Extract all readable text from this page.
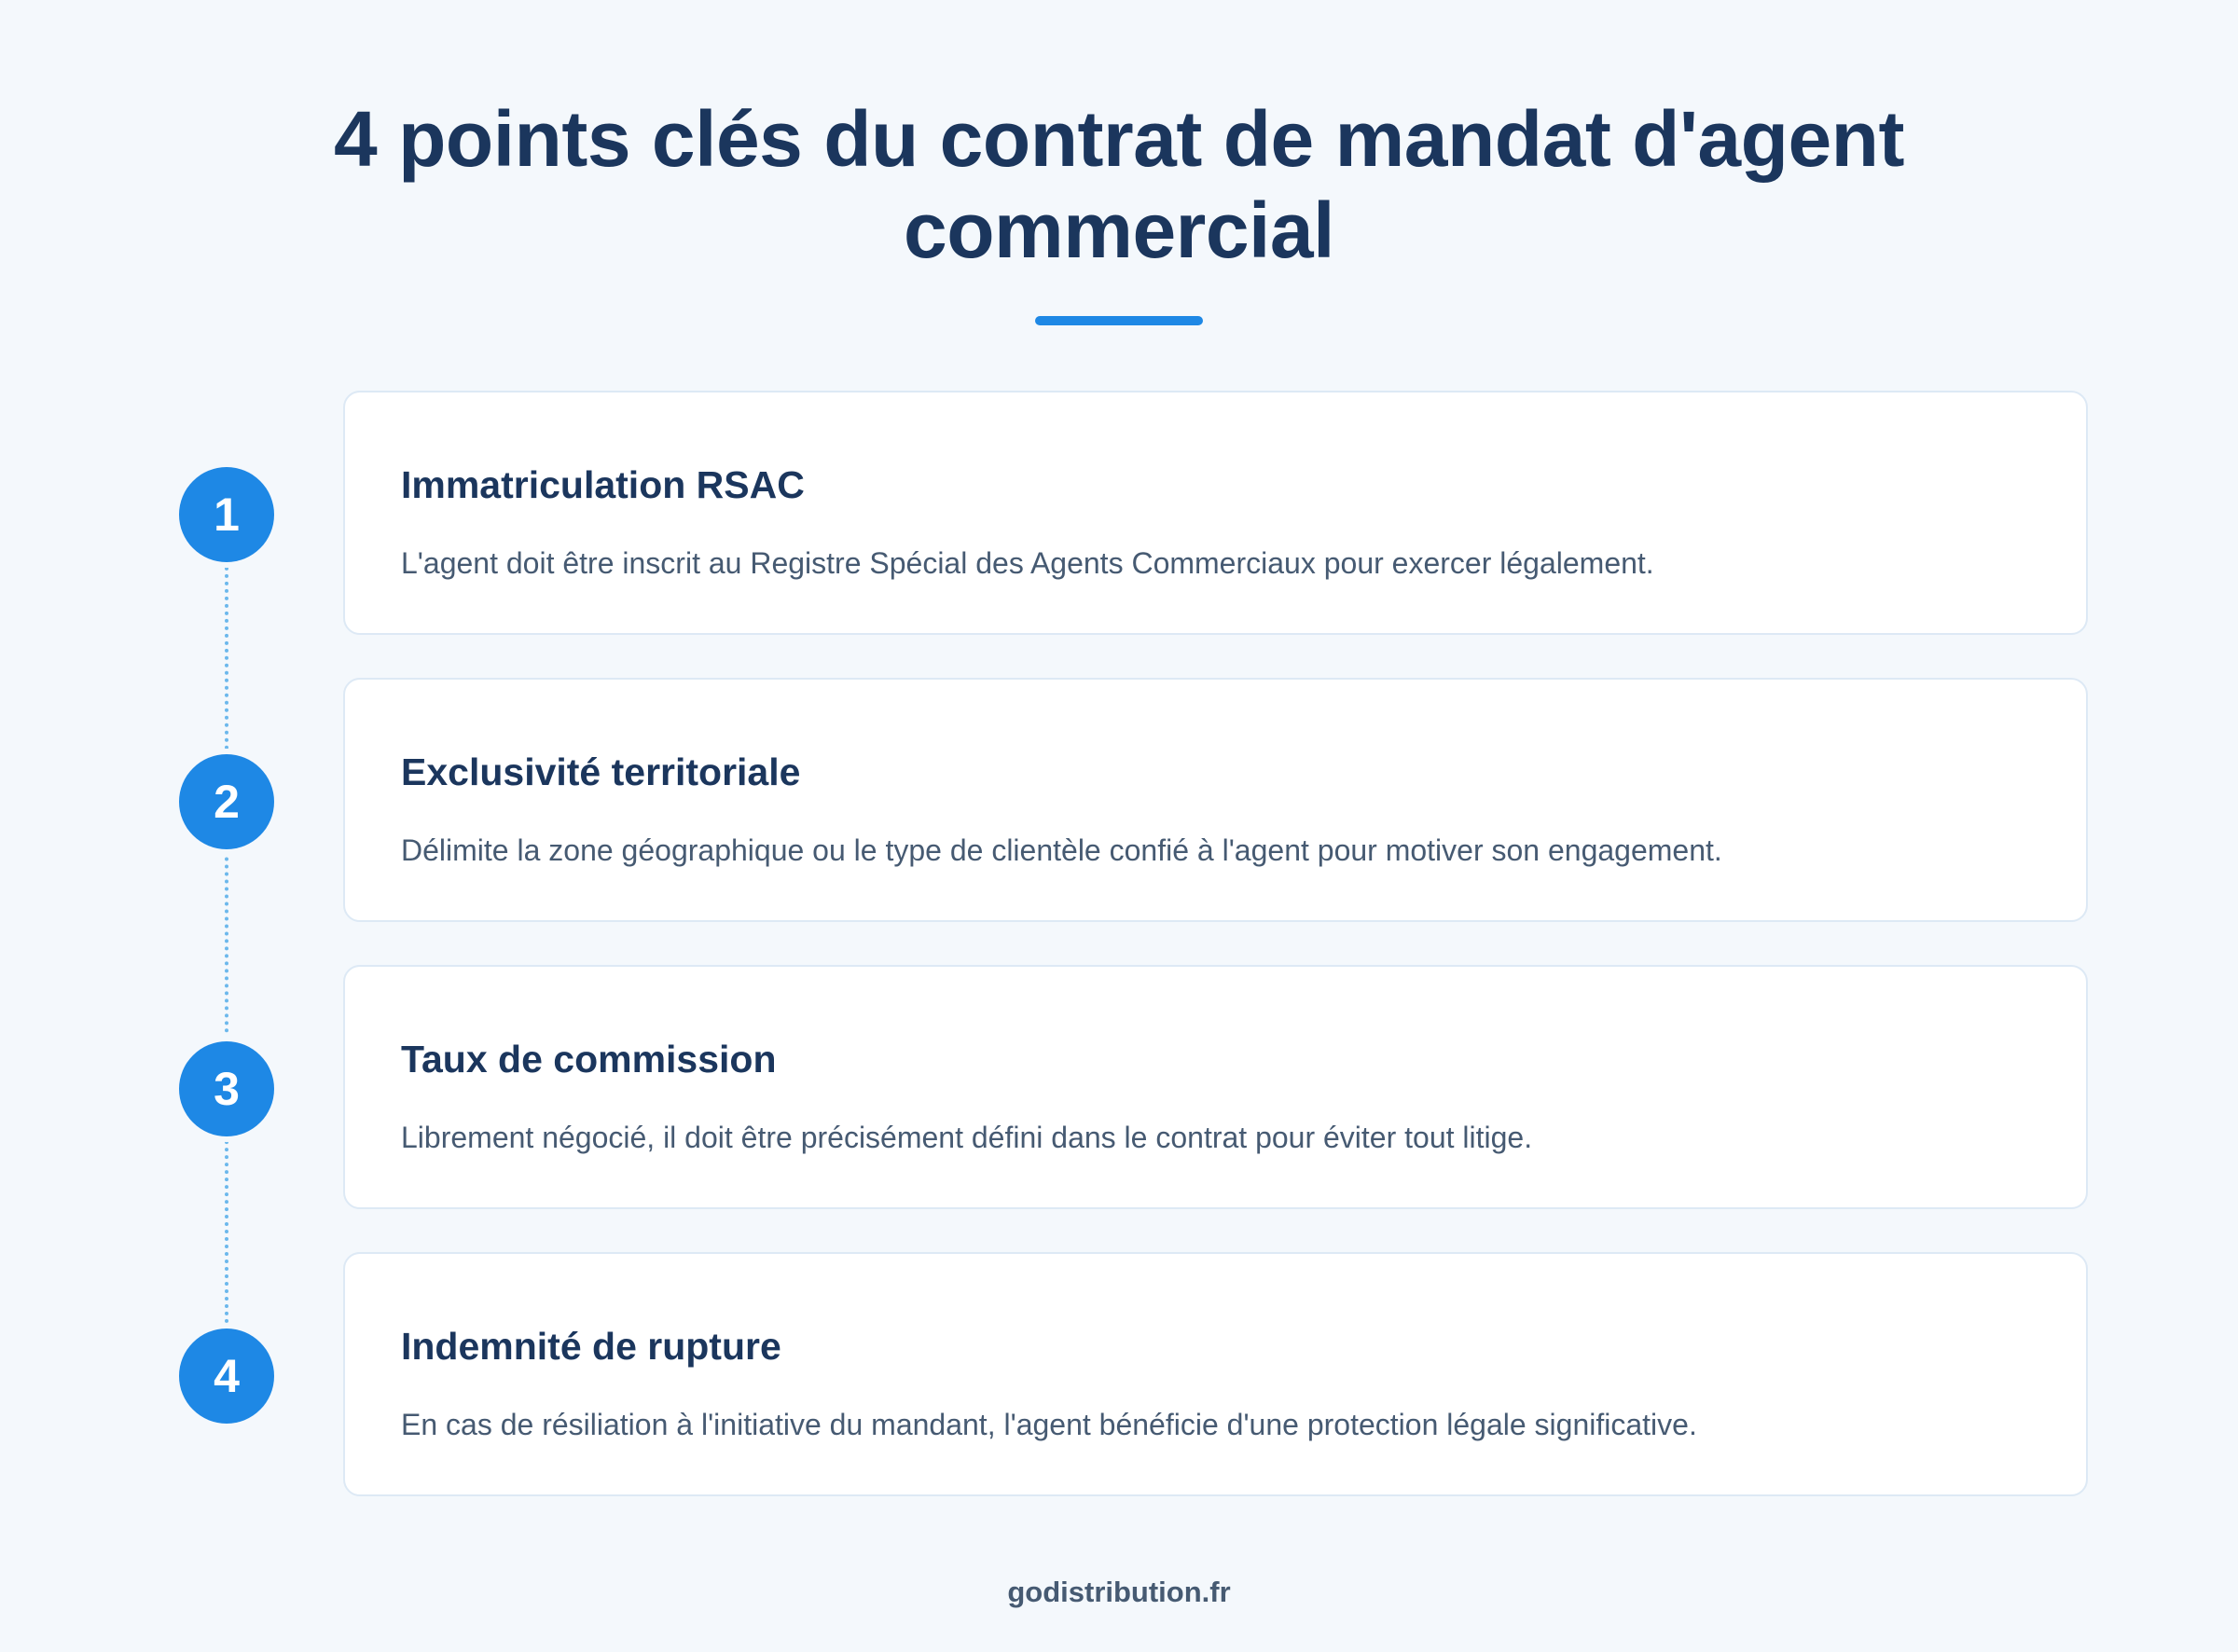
4 points clés du contrat de mandat d'agent commercial
1
Immatriculation RSAC

L'agent doit être inscrit au Registre Spécial des Agents Commerciaux pour exercer légalement.

2
Exclusivité territoriale

Délimite la zone géographique ou le type de clientèle confié à l'agent pour motiver son engagement.

3
Taux de commission

Librement négocié, il doit être précisément défini dans le contrat pour éviter tout litige.

4
Indemnité de rupture

En cas de résiliation à l'initiative du mandant, l'agent bénéficie d'une protection légale significative.

godistribution.fr
